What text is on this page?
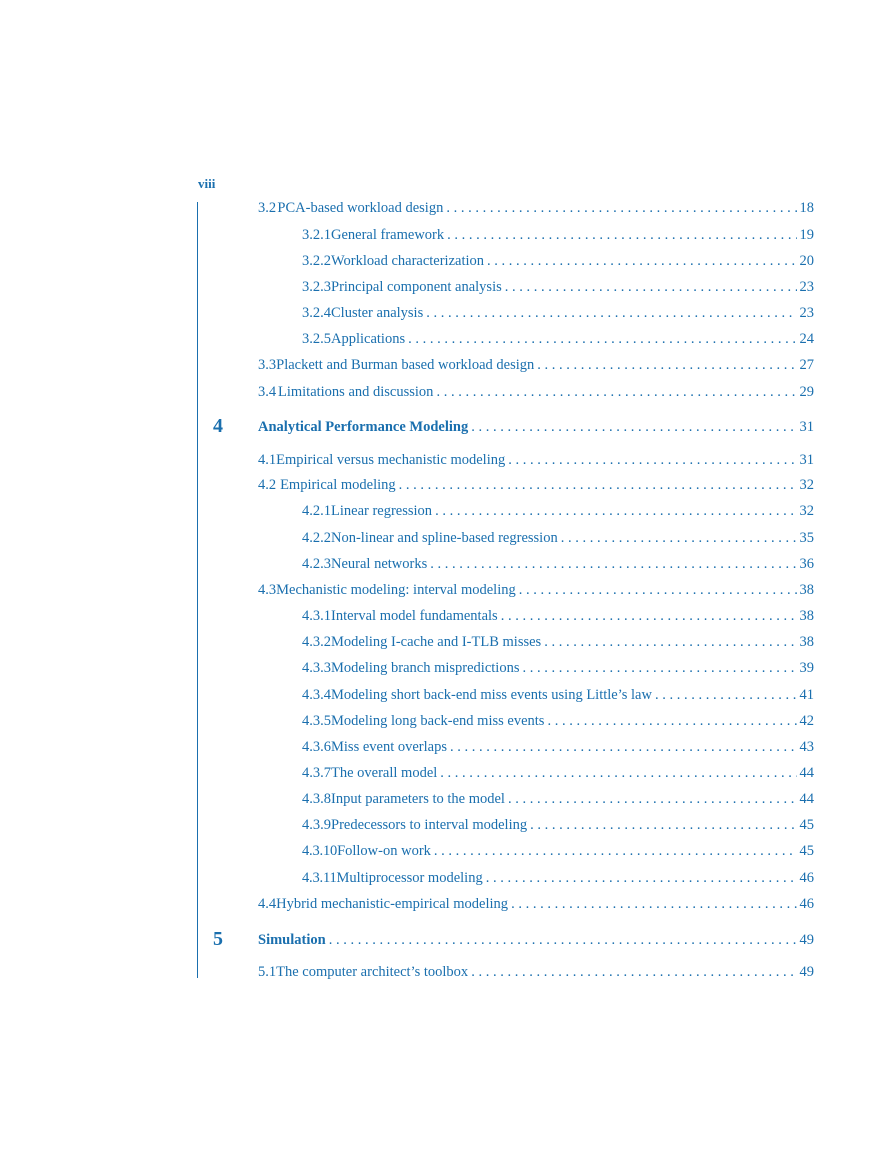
viii
3.2 PCA-based workload design . . .	18
3.2.1 General framework . . .	19
3.2.2 Workload characterization . . .	20
3.2.3 Principal component analysis . . .	23
3.2.4 Cluster analysis . . .	23
3.2.5 Applications . . .	24
3.3 Plackett and Burman based workload design . . .	27
3.4 Limitations and discussion . . .	29
4 Analytical Performance Modeling . . .	31
4.1 Empirical versus mechanistic modeling . . .	31
4.2 Empirical modeling . . .	32
4.2.1 Linear regression . . .	32
4.2.2 Non-linear and spline-based regression . . .	35
4.2.3 Neural networks . . .	36
4.3 Mechanistic modeling: interval modeling . . .	38
4.3.1 Interval model fundamentals . . .	38
4.3.2 Modeling I-cache and I-TLB misses . . .	38
4.3.3 Modeling branch mispredictions . . .	39
4.3.4 Modeling short back-end miss events using Little’s law . . .	41
4.3.5 Modeling long back-end miss events . . .	42
4.3.6 Miss event overlaps . . .	43
4.3.7 The overall model . . .	44
4.3.8 Input parameters to the model . . .	44
4.3.9 Predecessors to interval modeling . . .	45
4.3.10 Follow-on work . . .	45
4.3.11 Multiprocessor modeling . . .	46
4.4 Hybrid mechanistic-empirical modeling . . .	46
5 Simulation . . .	49
5.1 The computer architect’s toolbox . . .	49
